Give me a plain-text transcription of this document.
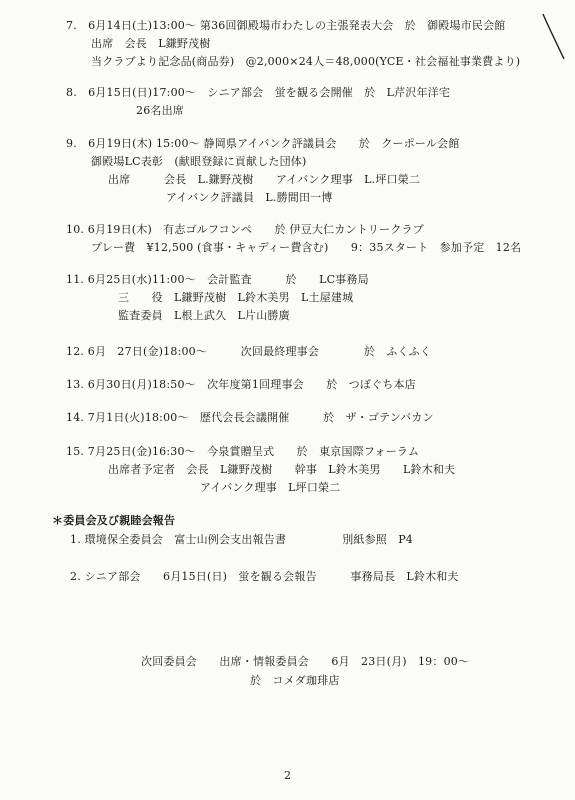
7.　6月14日(土)13:00～ 第36回御殿場市わたしの主張発表大会　於　御殿場市民会館
出席　会長　L鎌野茂樹
当クラブより記念品(商品券)　@2,000×24人＝48,000(YCE・社会福祉事業費より)
8.　6月15日(日)17:00～　シニア部会　蛍を観る会開催　於　L芹沢年洋宅
26名出席
9.　6月19日(木) 15:00～ 静岡県アイバンク評議員会　　於　クーポール会館
御殿場LC表彰　(献眼登録に貢献した団体)
出席　　　会長　L.鎌野茂樹　　アイバンク理事　L.坪口榮二
アイバンク評議員　L.勝間田一博
10. 6月19日(木)　有志ゴルフコンペ　　於 伊豆大仁カントリークラブ
プレー費　¥12,500 (食事・キャディー費含む)　　9：35スタート　参加予定　12名
11. 6月25日(水)11:00～　会計監査　　　於　　LC事務局
三　　役　L鎌野茂樹　L鈴木美男　L土屋建城
監査委員　L根上武久　L片山勝廣
12. 6月　27日(金)18:00～　　　次回最終理事会　　　　於　ふくふく
13. 6月30日(月)18:50～　次年度第1回理事会　　於　つぼぐち本店
14. 7月1日(火)18:00～　歴代会長会議開催　　　於　ザ・ゴテンバカン
15. 7月25日(金)16:30～　今泉賞贈呈式　　於　東京国際フォーラム
出席者予定者　会長　L鎌野茂樹　　幹事　L鈴木美男　　L鈴木和夫
アイバンク理事　L坪口榮二
＊委員会及び親睦会報告
1. 環境保全委員会　富士山例会支出報告書　　　　　別紙参照　P4
2. シニア部会　　6月15日(日)　蛍を観る会報告　　　事務局長　L鈴木和夫
次回委員会　　出席・情報委員会　　6月　23日(月)　19：00～
於　コメダ珈琲店
2
